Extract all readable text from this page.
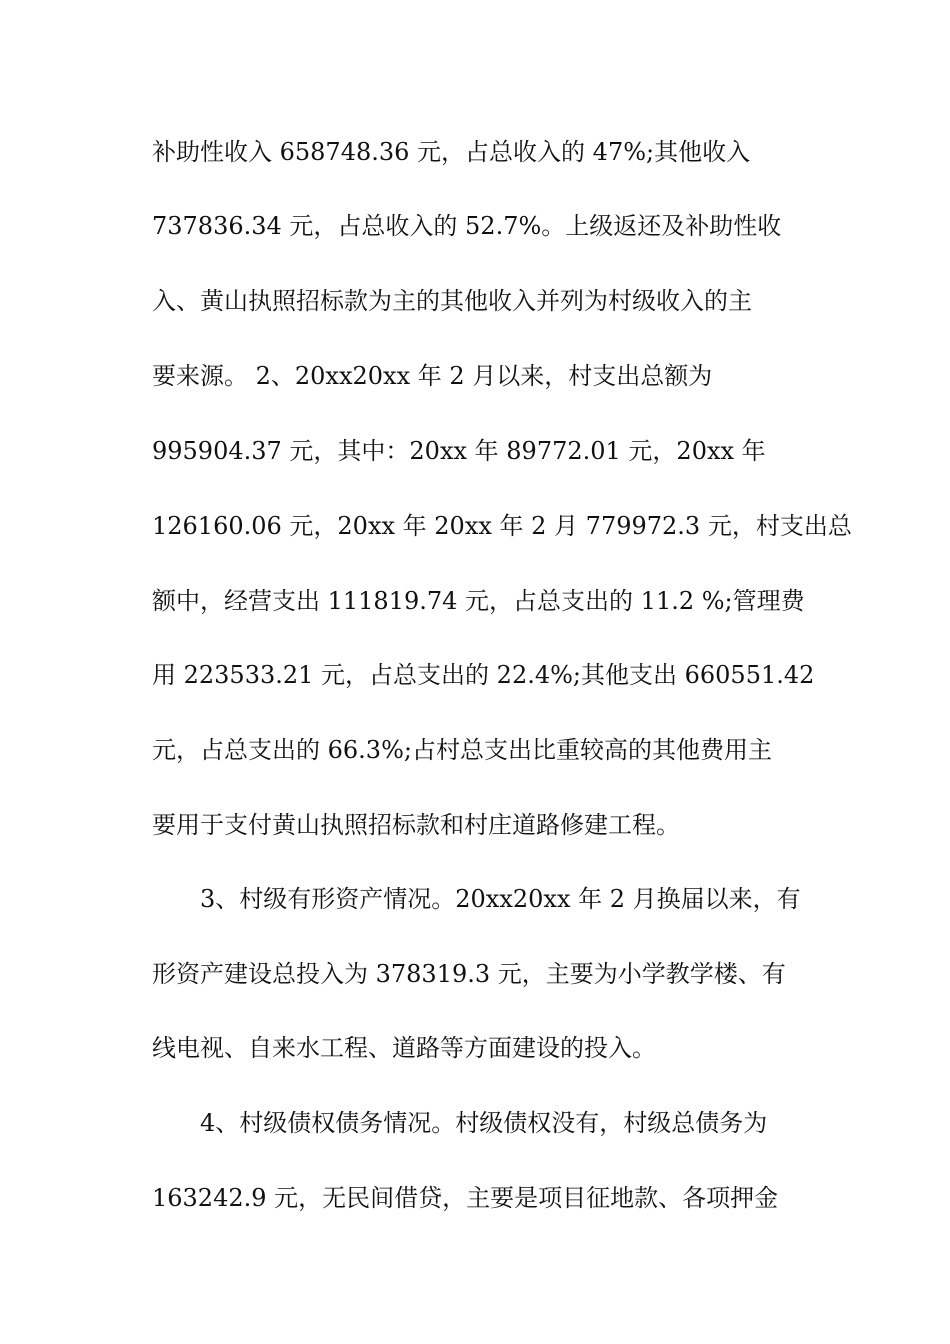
补助性收入 658748.36 元，占总收入的 47%;其他收入
737836.34 元，占总收入的 52.7%。上级返还及补助性收
入、黄山执照招标款为主的其他收入并列为村级收入的主
要来源。 2、20xx20xx 年 2 月以来，村支出总额为
995904.37 元，其中：20xx 年 89772.01 元，20xx 年
126160.06 元，20xx 年 20xx 年 2 月 779972.3 元，村支出总
额中，经营支出 111819.74 元，占总支出的 11.2 %;管理费
用 223533.21 元，占总支出的 22.4%;其他支出 660551.42
元，占总支出的 66.3%;占村总支出比重较高的其他费用主
要用于支付黄山执照招标款和村庄道路修建工程。
3、村级有形资产情况。20xx20xx 年 2 月换届以来，有
形资产建设总投入为 378319.3 元，主要为小学教学楼、有
线电视、自来水工程、道路等方面建设的投入。
4、村级债权债务情况。村级债权没有，村级总债务为
163242.9 元，无民间借贷，主要是项目征地款、各项押金
